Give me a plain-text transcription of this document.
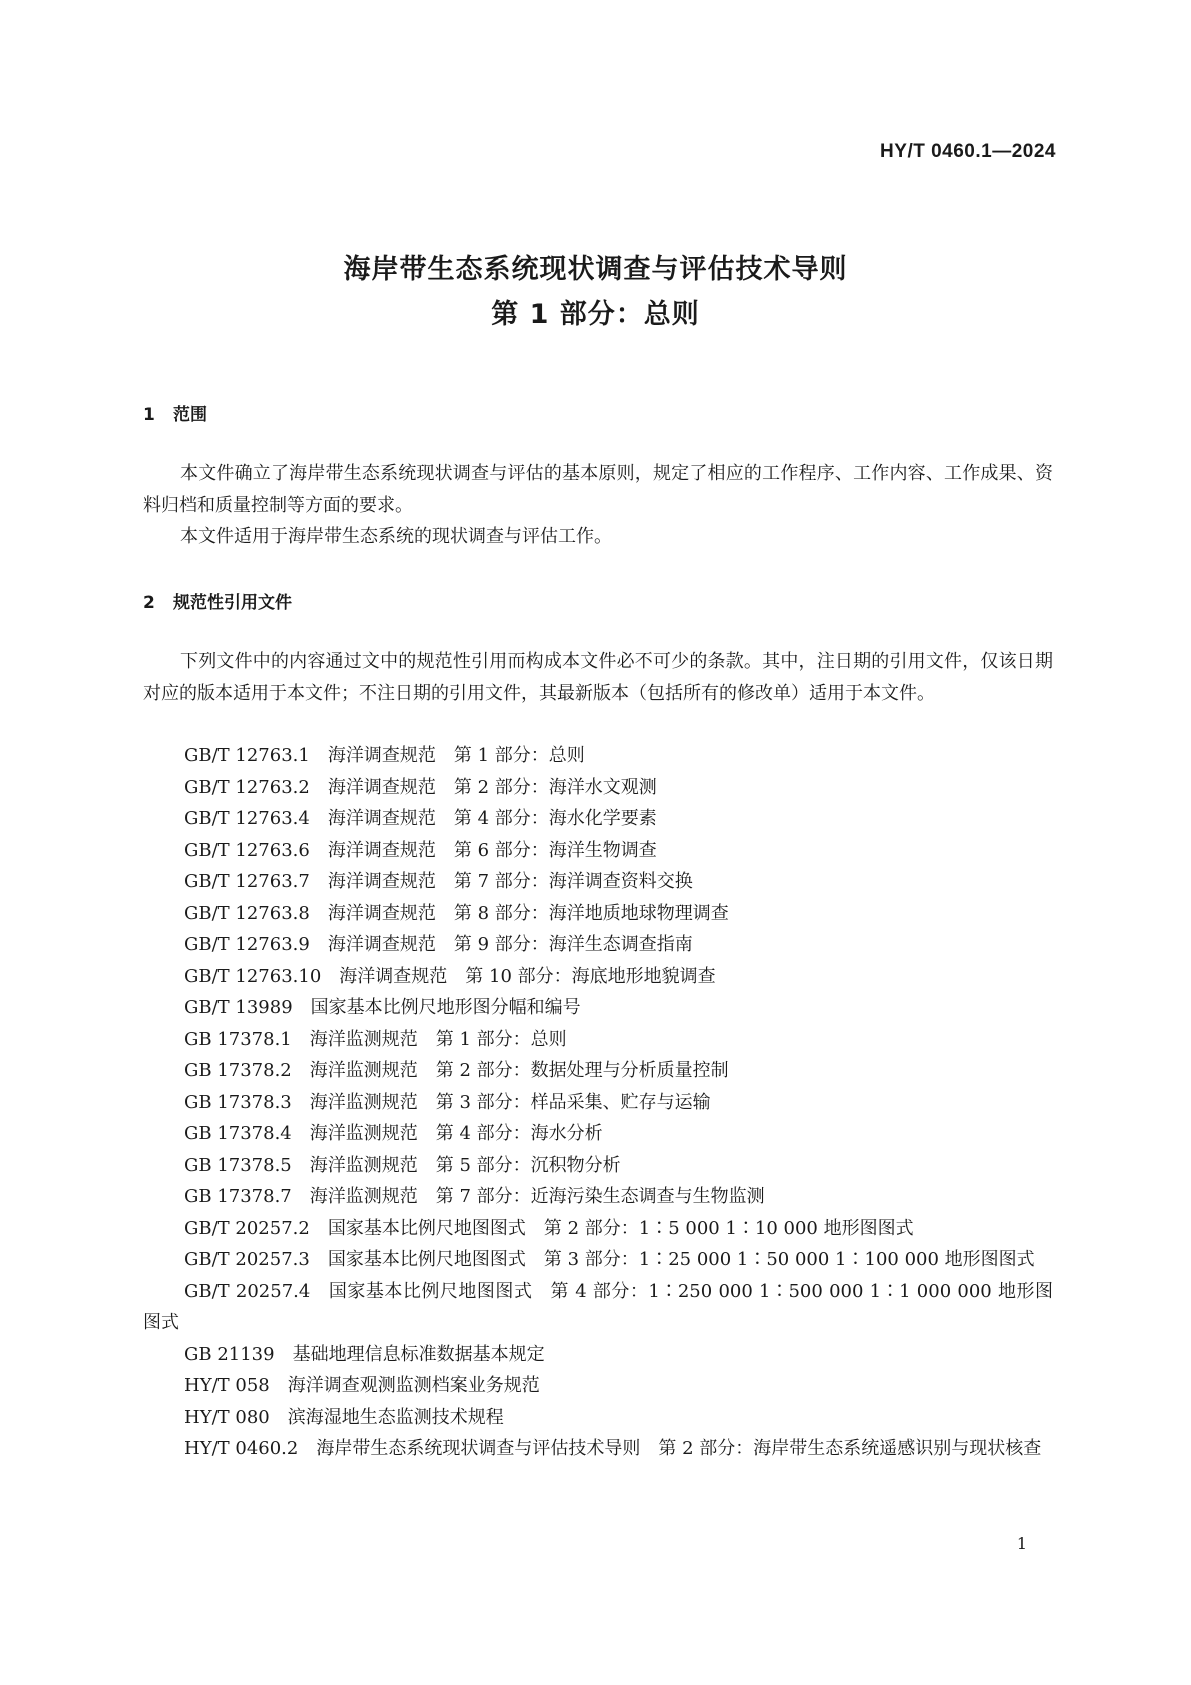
HY/T 0460.1—2024
海岸带生态系统现状调查与评估技术导则
第 1 部分：总则
1 范围

本文件确立了海岸带生态系统现状调查与评估的基本原则，规定了相应的工作程序、工作内容、工作成果、资料归档和质量控制等方面的要求。

本文件适用于海岸带生态系统的现状调查与评估工作。

2 规范性引用文件

下列文件中的内容通过文中的规范性引用而构成本文件必不可少的条款。其中，注日期的引用文件，仅该日期对应的版本适用于本文件；不注日期的引用文件，其最新版本（包括所有的修改单）适用于本文件。

GB/T 12763.1 海洋调查规范 第 1 部分：总则
GB/T 12763.2 海洋调查规范 第 2 部分：海洋水文观测
GB/T 12763.4 海洋调查规范 第 4 部分：海水化学要素
GB/T 12763.6 海洋调查规范 第 6 部分：海洋生物调查
GB/T 12763.7 海洋调查规范 第 7 部分：海洋调查资料交换
GB/T 12763.8 海洋调查规范 第 8 部分：海洋地质地球物理调查
GB/T 12763.9 海洋调查规范 第 9 部分：海洋生态调查指南
GB/T 12763.10 海洋调查规范 第 10 部分：海底地形地貌调查
GB/T 13989 国家基本比例尺地形图分幅和编号
GB 17378.1 海洋监测规范 第 1 部分：总则
GB 17378.2 海洋监测规范 第 2 部分：数据处理与分析质量控制
GB 17378.3 海洋监测规范 第 3 部分：样品采集、贮存与运输
GB 17378.4 海洋监测规范 第 4 部分：海水分析
GB 17378.5 海洋监测规范 第 5 部分：沉积物分析
GB 17378.7 海洋监测规范 第 7 部分：近海污染生态调查与生物监测
GB/T 20257.2 国家基本比例尺地图图式 第 2 部分：1∶5 000 1∶10 000 地形图图式
GB/T 20257.3 国家基本比例尺地图图式 第 3 部分：1∶25 000 1∶50 000 1∶100 000 地形图图式
GB/T 20257.4 国家基本比例尺地图图式 第 4 部分：1∶250 000 1∶500 000 1∶1 000 000 地形图图式
GB 21139 基础地理信息标准数据基本规定
HY/T 058 海洋调查观测监测档案业务规范
HY/T 080 滨海湿地生态监测技术规程
HY/T 0460.2 海岸带生态系统现状调查与评估技术导则 第 2 部分：海岸带生态系统遥感识别与现状核查
1
